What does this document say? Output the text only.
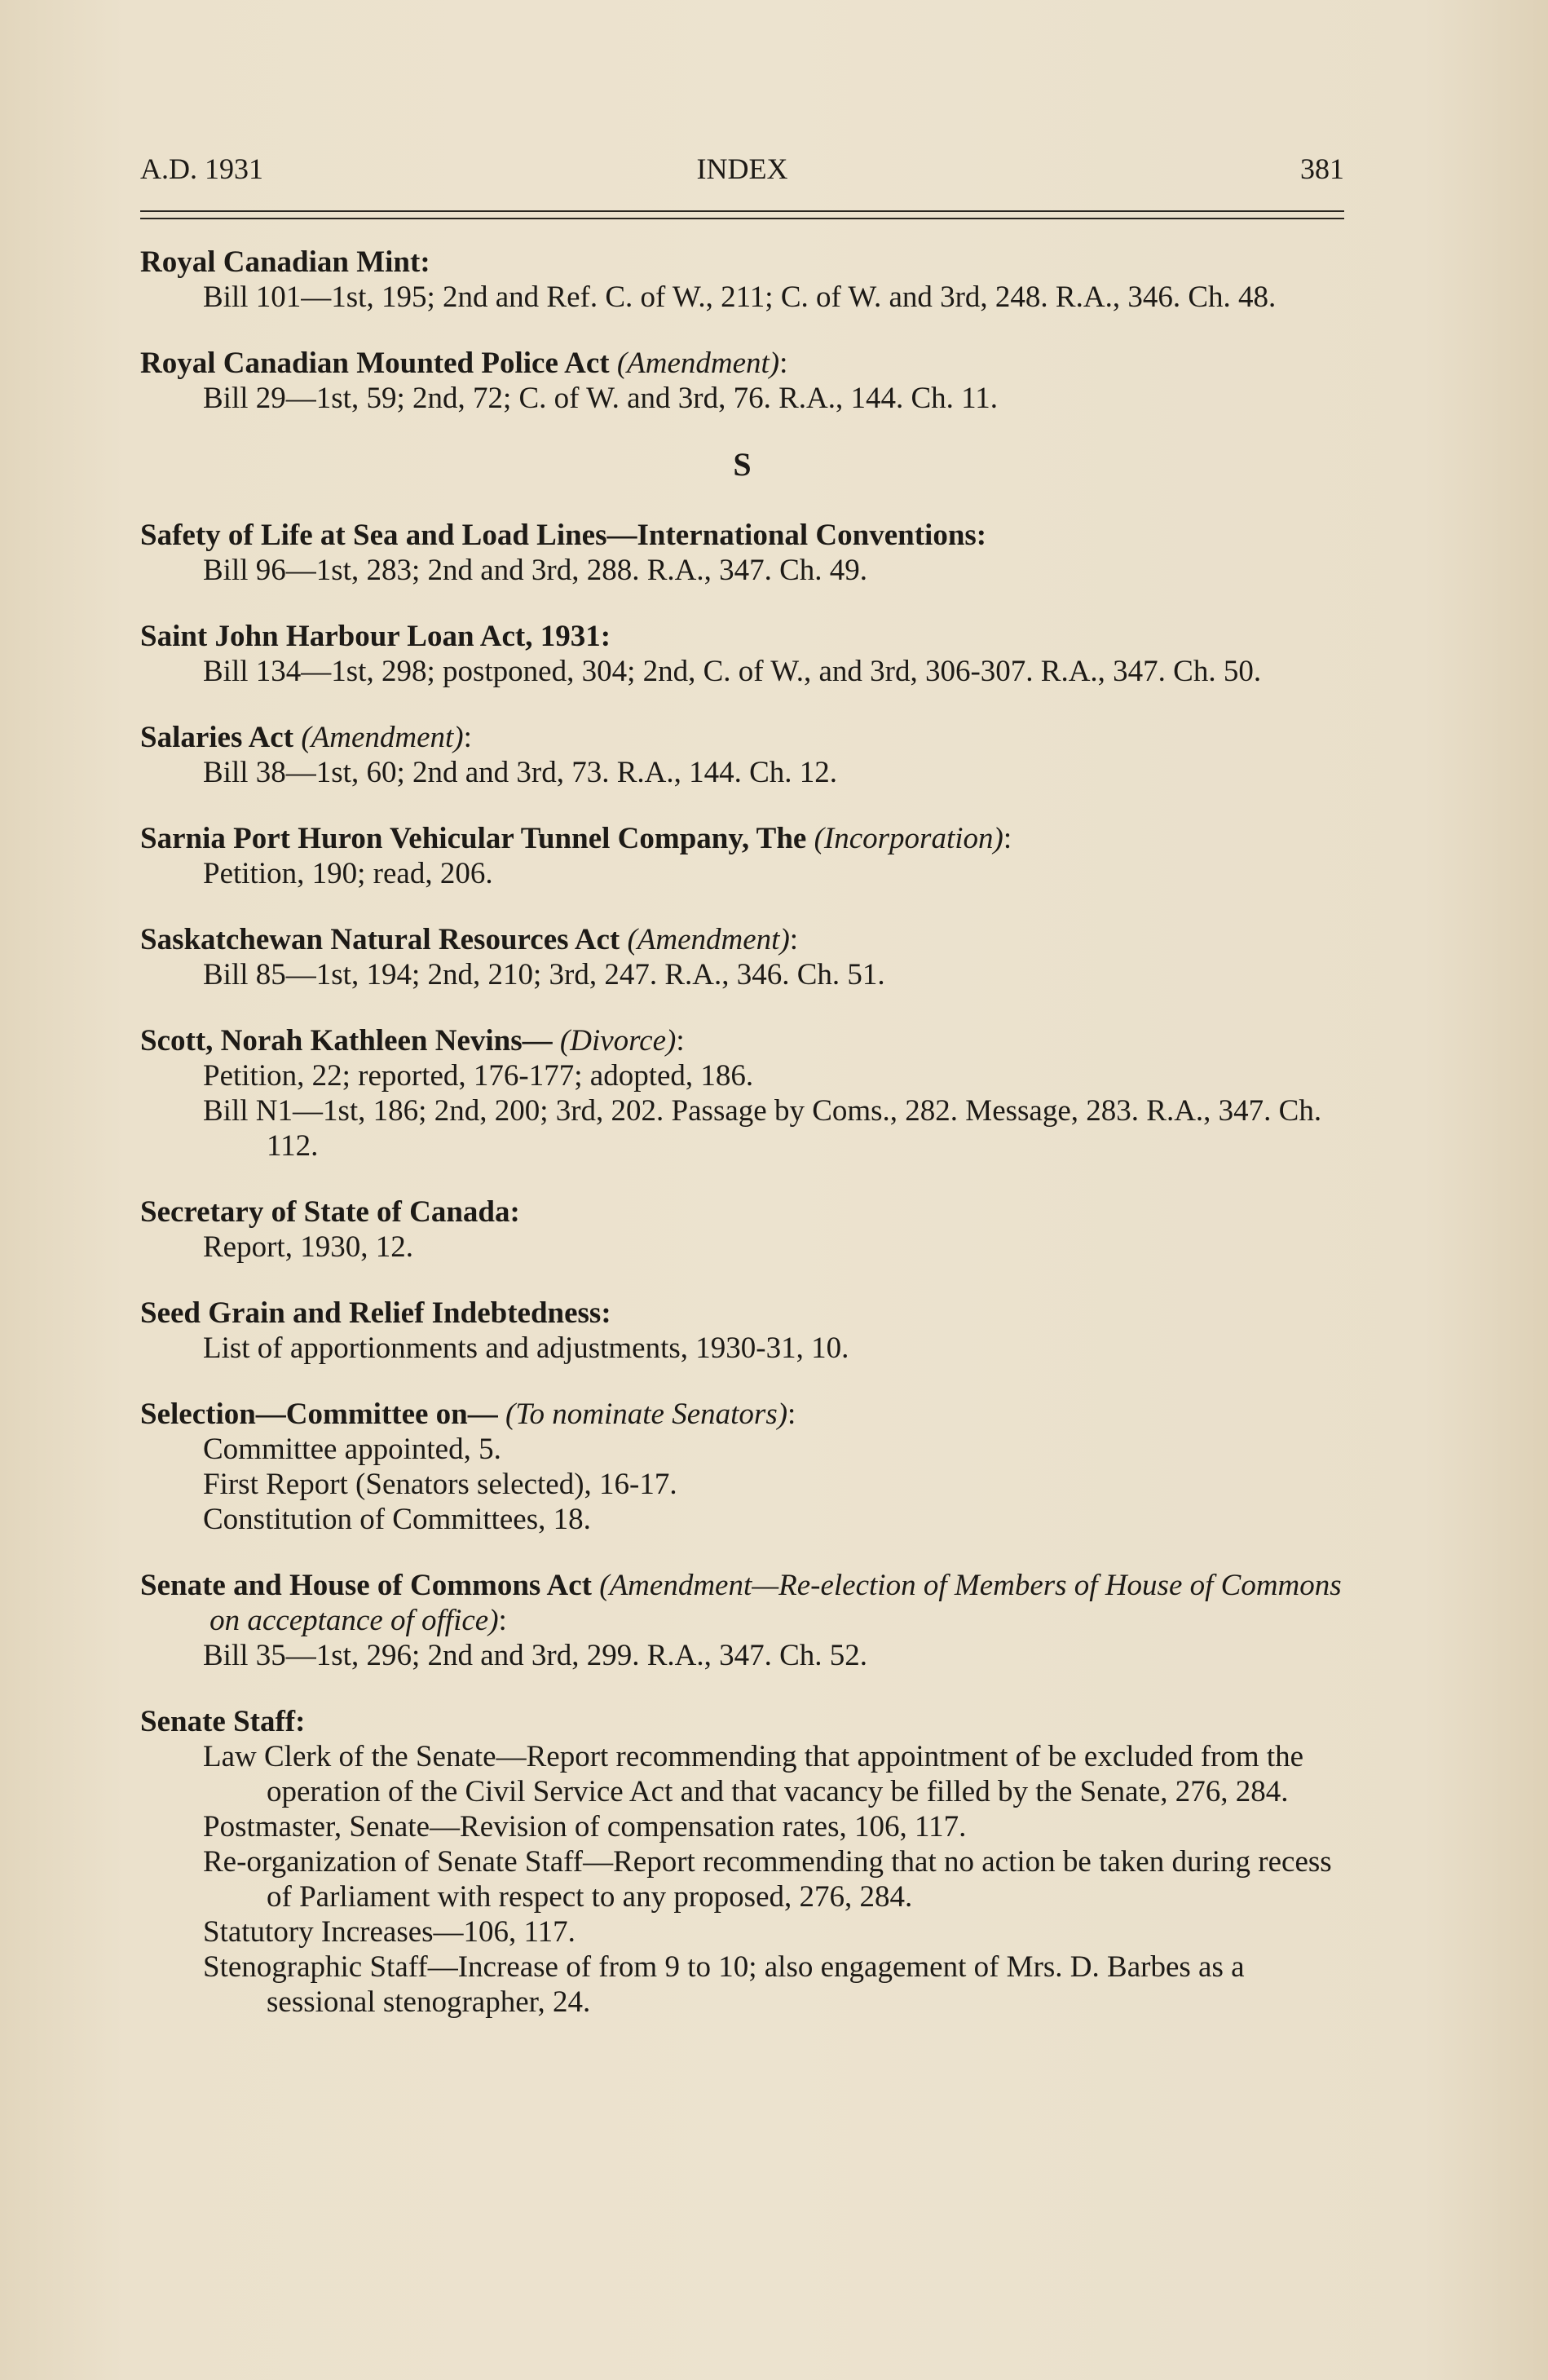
A.D. 1931	INDEX	381
Royal Canadian Mint:
Bill 101—1st, 195; 2nd and Ref. C. of W., 211; C. of W. and 3rd, 248. R.A., 346. Ch. 48.
Royal Canadian Mounted Police Act (Amendment):
Bill 29—1st, 59; 2nd, 72; C. of W. and 3rd, 76. R.A., 144. Ch. 11.
S
Safety of Life at Sea and Load Lines—International Conventions:
Bill 96—1st, 283; 2nd and 3rd, 288. R.A., 347. Ch. 49.
Saint John Harbour Loan Act, 1931:
Bill 134—1st, 298; postponed, 304; 2nd, C. of W., and 3rd, 306-307. R.A., 347. Ch. 50.
Salaries Act (Amendment):
Bill 38—1st, 60; 2nd and 3rd, 73. R.A., 144. Ch. 12.
Sarnia Port Huron Vehicular Tunnel Company, The (Incorporation):
Petition, 190; read, 206.
Saskatchewan Natural Resources Act (Amendment):
Bill 85—1st, 194; 2nd, 210; 3rd, 247. R.A., 346. Ch. 51.
Scott, Norah Kathleen Nevins— (Divorce):
Petition, 22; reported, 176-177; adopted, 186.
Bill N1—1st, 186; 2nd, 200; 3rd, 202. Passage by Coms., 282. Message, 283. R.A., 347. Ch. 112.
Secretary of State of Canada:
Report, 1930, 12.
Seed Grain and Relief Indebtedness:
List of apportionments and adjustments, 1930-31, 10.
Selection—Committee on— (To nominate Senators):
Committee appointed, 5.
First Report (Senators selected), 16-17.
Constitution of Committees, 18.
Senate and House of Commons Act (Amendment—Re-election of Members of House of Commons on acceptance of office):
Bill 35—1st, 296; 2nd and 3rd, 299. R.A., 347. Ch. 52.
Senate Staff:
Law Clerk of the Senate—Report recommending that appointment of be excluded from the operation of the Civil Service Act and that vacancy be filled by the Senate, 276, 284.
Postmaster, Senate—Revision of compensation rates, 106, 117.
Re-organization of Senate Staff—Report recommending that no action be taken during recess of Parliament with respect to any proposed, 276, 284.
Statutory Increases—106, 117.
Stenographic Staff—Increase of from 9 to 10; also engagement of Mrs. D. Barbes as a sessional stenographer, 24.
